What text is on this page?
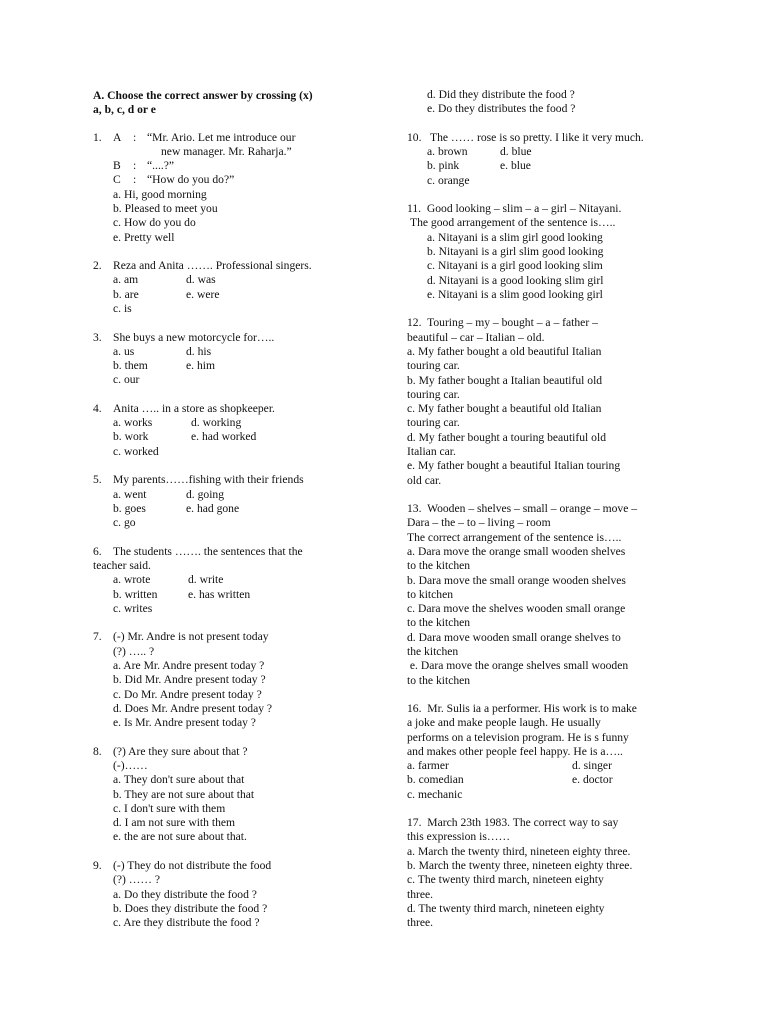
A. Choose the correct answer by crossing (x)
a, b, c, d or e
1. A : “Mr. Ario. Let me introduce our
new manager. Mr. Raharja.”
B : “....?”
C : “How do you do?”
a. Hi, good morning
b. Pleased to meet you
c. How do you do
e. Pretty well
2. Reza and Anita ……. Professional singers.
a. am	d. was
b. are	e. were
c. is
3. She buys a new motorcycle for…..
a. us	d. his
b. them	e. him
c. our
4. Anita ….. in a store as shopkeeper.
a. works	d. working
b. work	e. had worked
c. worked
5. My parents……fishing with their friends
a. went	d. going
b. goes	e. had gone
c. go
6. The students ……. the sentences that the
teacher said.
a. wrote	d. write
b. written	e. has written
c. writes
7. (-) Mr. Andre is not present today
(?) ….. ?
a. Are Mr. Andre present today ?
b. Did Mr. Andre present today ?
c. Do Mr. Andre present today ?
d. Does Mr. Andre present today ?
e. Is Mr. Andre present today ?
8. (?) Are they sure about that ?
(-)……
a. They don't sure about that
b. They are not sure about that
c. I don't sure with them
d. I am not sure with them
e. the are not sure about that.
9. (-) They do not distribute the food
(?) …… ?
a. Do they distribute the food ?
b. Does they distribute the food ?
c. Are they distribute the food ?
d. Did they distribute the food ?
e. Do they distributes the food ?
10. The …… rose is so pretty. I like it very much.
a. brown	d. blue
b. pink	e. blue
c. orange
11.  Good looking – slim – a – girl – Nitayani.
The good arrangement of the sentence is…..
a. Nitayani is a slim girl good looking
b. Nitayani is a girl slim good looking
c. Nitayani is a girl good looking slim
d. Nitayani is a good looking slim girl
e. Nitayani is a slim good looking girl
12.  Touring – my – bought – a – father –
beautiful – car – Italian – old.
a. My father bought a old beautiful Italian
touring car.
b. My father bought a Italian beautiful old
touring car.
c. My father bought a beautiful old Italian
touring car.
d. My father bought a touring beautiful old
Italian car.
e. My father bought a beautiful Italian touring
old car.
13.  Wooden – shelves – small – orange – move –
Dara – the – to – living – room
The correct arrangement of the sentence is…..
a. Dara move the orange small wooden shelves
to the kitchen
b. Dara move the small orange wooden shelves
to kitchen
c. Dara move the shelves wooden small orange
to the kitchen
d. Dara move wooden small orange shelves to
the kitchen
e. Dara move the orange shelves small wooden
to the kitchen
16.  Mr. Sulis ia a performer. His work is to make
a joke and make people laugh. He usually
performs on a television program. He is s funny
and makes other people feel happy. He is a…..
a. farmer	d. singer
b. comedian	e. doctor
c. mechanic
17.  March 23th 1983. The correct way to say
this expression is……
a. March the twenty third, nineteen eighty three.
b. March the twenty three, nineteen eighty three.
c. The twenty third march, nineteen eighty
three.
d. The twenty third march, nineteen eighty
three.
